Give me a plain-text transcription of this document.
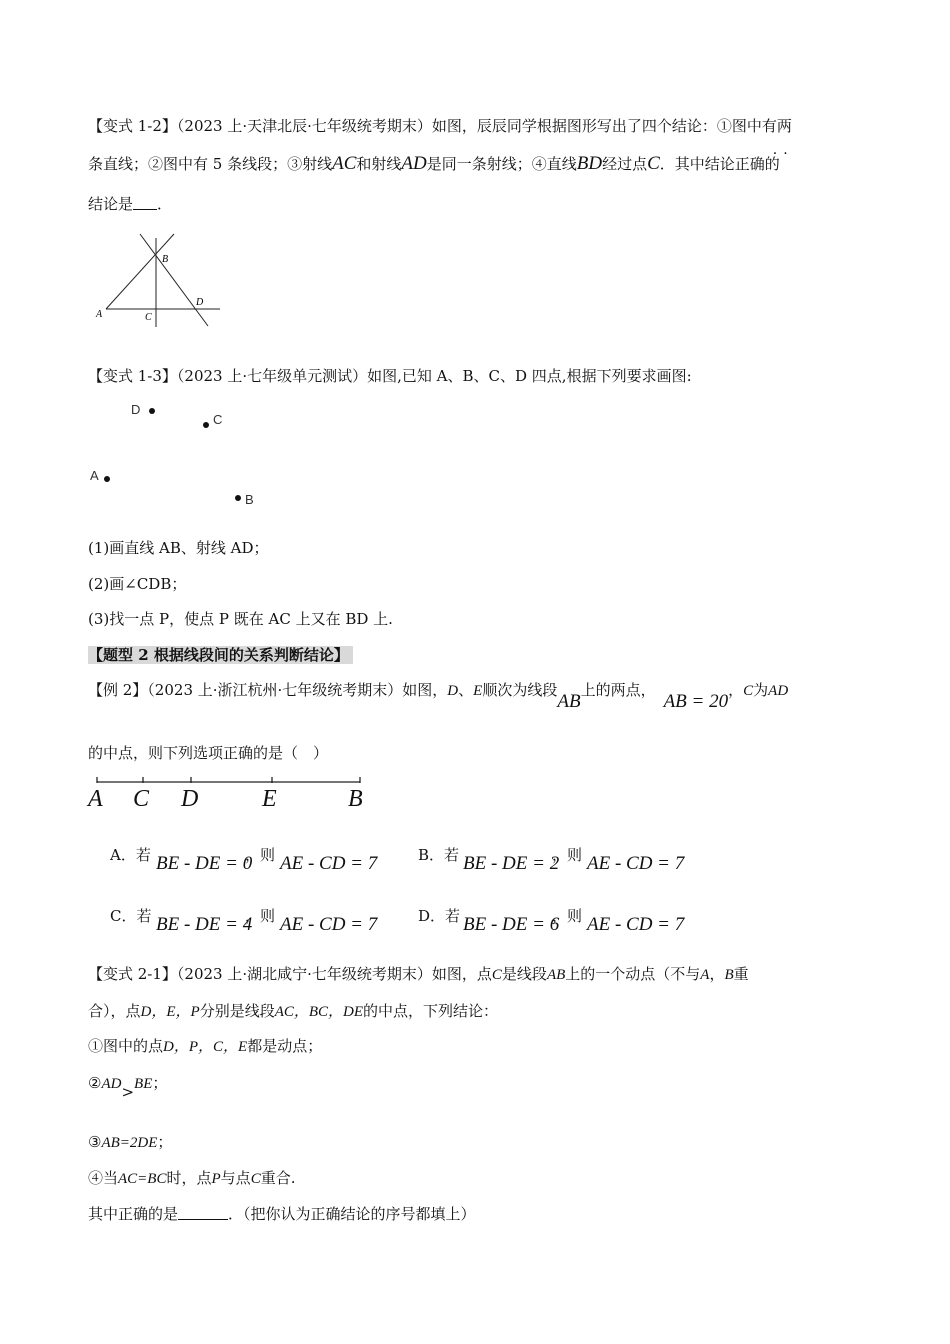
【变式 1-2】（2023 上·天津北辰·七年级统考期末）如图，辰辰同学根据图形写出了四个结论：①图中有两
条直线；②图中有 5 条线段；③射线AC和射线AD是同一条射线；④直线BD经过点C．其中结论正确的
··
结论是 ．
B
D
A	C
【变式 1-3】（2023 上·七年级单元测试）如图,已知 A、B、C、D 四点,根据下列要求画图:
D
C
A
B
(1)画直线 AB、射线 AD；
(2)画∠CDB；
(3)找一点 P，使点 P 既在 AC 上又在 BD 上.
【题型 2 根据线段间的关系判断结论】
【例 2】（2023 上·浙江杭州·七年级统考期末）如图，D、E顺次为线段AB上的两点，AB = 20，C为AD
的中点，则下列选项正确的是（　）
A C D	E	B
A．若 BE - DE = 0
，则 AE - CD = 7	B．若 BE - DE = 2
，则 AE - CD = 7
C．若 BE - DE = 4
，则 AE - CD = 7	D．若 BE - DE = 6
，则 AE - CD = 7
【变式 2-1】（2023 上·湖北咸宁·七年级统考期末）如图，点C是线段AB上的一个动点（不与A，B重
合），点D，E，P分别是线段AC，BC，DE的中点，下列结论：
①图中的点D，P，C，E都是动点；
②AD>BE；
③AB=2DE；
④当AC=BC时，点P与点C重合.
其中正确的是	．（把你认为正确结论的序号都填上）
